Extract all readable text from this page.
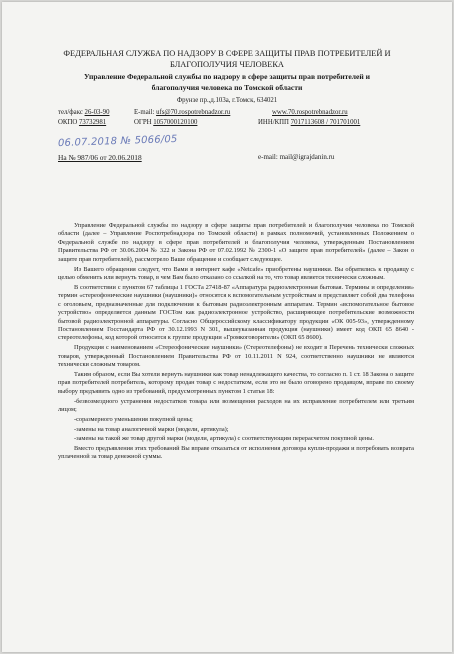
ФЕДЕРАЛЬНАЯ СЛУЖБА ПО НАДЗОРУ В СФЕРЕ ЗАЩИТЫ ПРАВ ПОТРЕБИТЕЛЕЙ И
БЛАГОПОЛУЧИЯ ЧЕЛОВЕКА
Управление Федеральной службы по надзору в сфере защиты прав потребителей и
благополучия человека по Томской области
Фрунзе пр.,д.103а, г.Томск, 634021
тел/факс 26-03-90	E-mail: ufs@70.rospotrebnadzor.ru	www.70.rospotrebnadzor.ru
ОКПО 73732981	ОГРН 1057000120100	ИНН/КПП 7017113608 / 701701001
06.07.2018 № 5066/05
На № 987/06 от 20.06.2018	e-mail: mail@igrajdanin.ru

Управление Федеральной службы по надзору в сфере защиты прав потребителей и благополучия человека по Томской области (далее – Управление Роспотребнадзора по Томской области) в рамках полномочий, установленных Положением о Федеральной службе по надзору в сфере прав потребителей и благополучия человека, утвержденным Постановлением Правительства РФ от 30.06.2004 № 322 и Закона РФ от 07.02.1992 № 2300-1 «О защите прав потребителей» (далее – Закон о защите прав потребителей), рассмотрело Ваше обращение и сообщает следующее.

Из Вашего обращения следует, что Вами в интернет кафе «Netcafe» приобретены наушники. Вы обратились к продавцу с целью обменить или вернуть товар, в чем Вам было отказано со ссылкой на то, что товар является технически сложным.

В соответствии с пунктом 67 таблицы 1 ГОСТа 27418-87 «Аппаратура радиоэлектронная бытовая. Термины и определения» термин «стереофонические наушники (наушники)» относятся к вспомогательным устройствам и представляет собой два телефона с оголовьем, предназначенные для подключения к бытовым радиоэлектронным аппаратам. Термин «вспомогательное бытовое устройство» определяется данным ГОСТом как радиоэлектронное устройство, расширяющее потребительские возможности бытовой радиоэлектронной аппаратуры. Согласно Общероссийскому классификатору продукции «ОК 005-93», утвержденному Постановлением Госстандарта РФ от 30.12.1993 N 301, вышеуказанная продукция (наушники) имеет код ОКП 65 8640 - стереотелефоны, код которой относится к группе продукции «Громкоговорители» (ОКП 65 8600).

Продукция с наименованием «Стереофонические наушники» (Стереотелефоны) не входит в Перечень технически сложных товаров, утвержденный Постановлением Правительства РФ от 10.11.2011 N 924, соответственно наушники не являются технически сложным товаром.

Таким образом, если Вы хотели вернуть наушники как товар ненадлежащего качества, то согласно п. 1 ст. 18 Закона о защите прав потребителей потребитель, которому продан товар с недостатком, если это не было оговорено продавцом, вправе по своему выбору предъявить одно из требований, предусмотренных пунктом 1 статьи 18:

-безвозмездного устранения недостатков товара или возмещения расходов на их исправление потребителем или третьим лицом;

-соразмерного уменьшения покупной цены;

-замены на товар аналогичной марки (модели, артикула);

-замены на такой же товар другой марки (модели, артикула) с соответствующим перерасчетом покупной цены.

Вместо предъявления этих требований Вы вправе отказаться от исполнения договора купли-продажи и потребовать возврата уплаченной за товар денежной суммы.
